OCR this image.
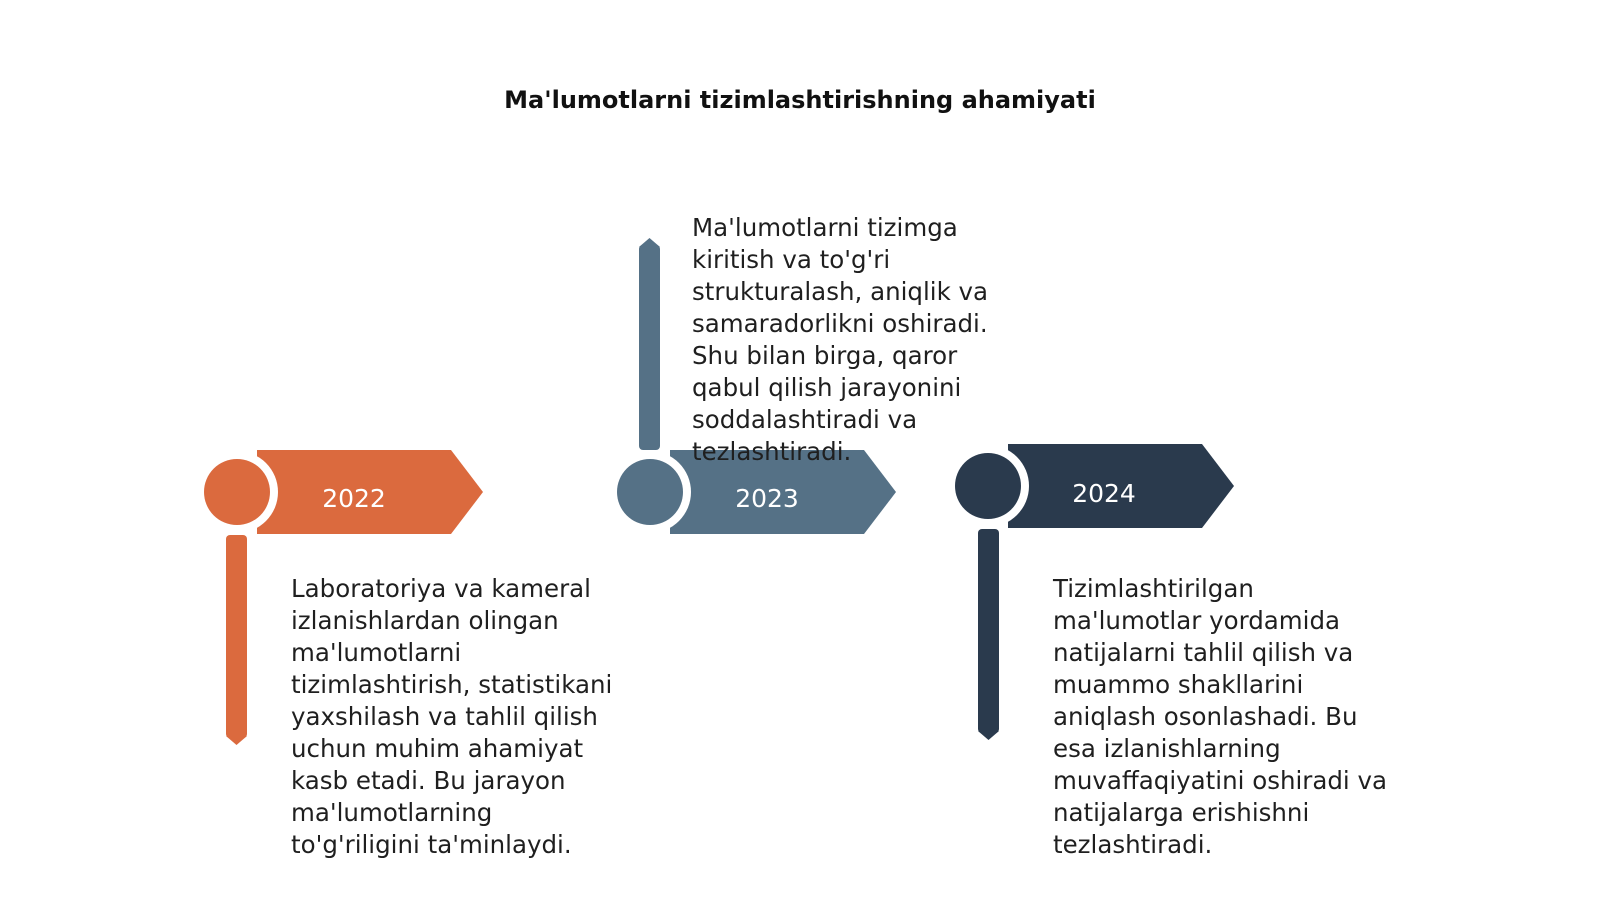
Ma'lumotlarni tizimlashtirishning ahamiyati
2022	2023	2024

Laboratoriya va kameral
izlanishlardan olingan
ma'lumotlarni
tizimlashtirish, statistikani
yaxshilash va tahlil qilish
uchun muhim ahamiyat
kasb etadi. Bu jarayon
ma'lumotlarning
to'g'riligini ta'minlaydi.

Ma'lumotlarni tizimga
kiritish va to'g'ri
strukturalash, aniqlik va
samaradorlikni oshiradi.
Shu bilan birga, qaror
qabul qilish jarayonini
soddalashtiradi va
tezlashtiradi.

Tizimlashtirilgan
ma'lumotlar yordamida
natijalarni tahlil qilish va
muammo shakllarini
aniqlash osonlashadi. Bu
esa izlanishlarning
muvaffaqiyatini oshiradi va
natijalarga erishishni
tezlashtiradi.
